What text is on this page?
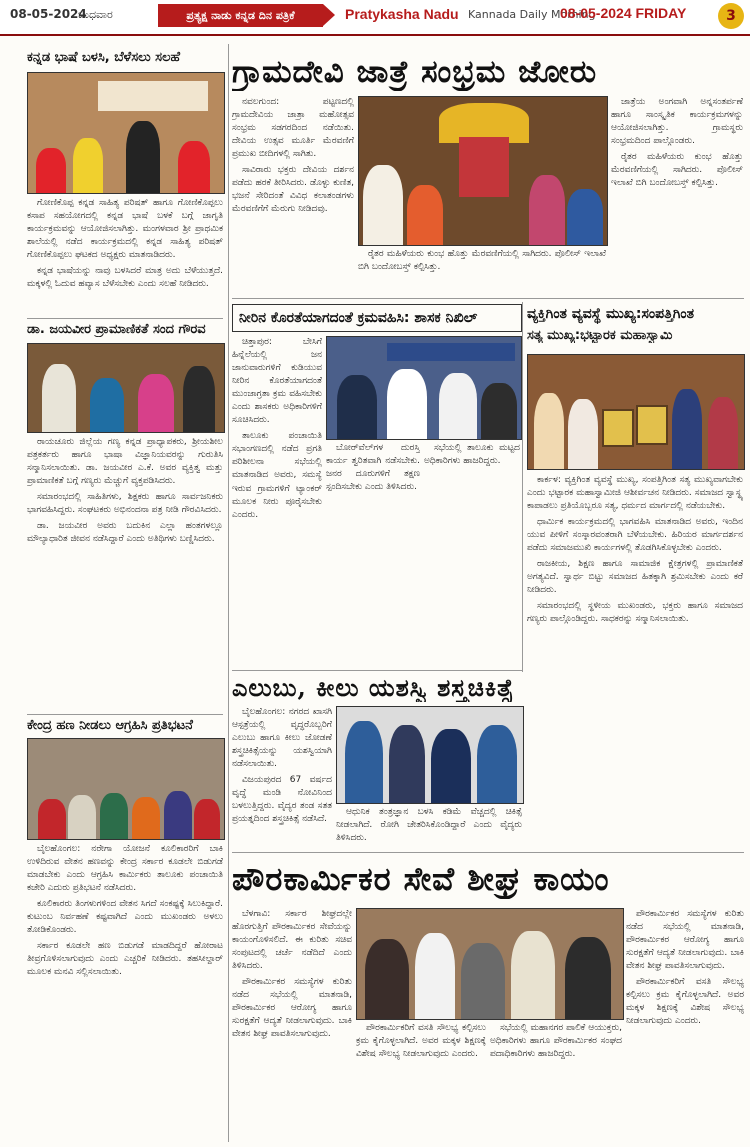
08-05-2024
ಬುಧವಾರ	ಪ್ರತ್ಯಕ್ಷ ನಾಡು ಕನ್ನಡ ದಿನ ಪತ್ರಿಕೆ	Pratykasha Nadu Kannada Daily Morning
08-05-2024 FRIDAY	3
ಕನ್ನಡ ಭಾಷೆ ಬಳಸಿ, ಬೆಳೆಸಲು ಸಲಹೆ

ಗೋಣಿಕೊಪ್ಪ ಕನ್ನಡ ಸಾಹಿತ್ಯ ಪರಿಷತ್ ಹಾಗೂ ಗೋಣಿಕೊಪ್ಪಲು ಕಸಾಪ ಸಹಯೋಗದಲ್ಲಿ ಕನ್ನಡ ಭಾಷೆ ಬಳಕೆ ಬಗ್ಗೆ ಜಾಗೃತಿ ಕಾರ್ಯಕ್ರಮವನ್ನು ಆಯೋಜಿಸಲಾಗಿತ್ತು. ಮಂಗಳವಾರ ಶ್ರೀ ಪ್ರಾಥಮಿಕ ಶಾಲೆಯಲ್ಲಿ ನಡೆದ ಕಾರ್ಯಕ್ರಮದಲ್ಲಿ ಕನ್ನಡ ಸಾಹಿತ್ಯ ಪರಿಷತ್ ಗೋಣಿಕೊಪ್ಪಲು ಘಟಕದ ಅಧ್ಯಕ್ಷರು ಮಾತನಾಡಿದರು.

ಕನ್ನಡ ಭಾಷೆಯನ್ನು ನಾವು ಬಳಸಿದರೆ ಮಾತ್ರ ಅದು ಬೆಳೆಯುತ್ತದೆ. ಮಕ್ಕಳಲ್ಲಿ ಓದುವ ಹವ್ಯಾಸ ಬೆಳೆಸಬೇಕು ಎಂದು ಸಲಹೆ ನೀಡಿದರು.

ಡಾ. ಜಯವೀರ ಪ್ರಾಮಾಣಿಕತೆ ಸಂದ ಗೌರವ

ರಾಯಚೂರು ಜಿಲ್ಲೆಯ ಗಣ್ಯ ಕನ್ನಡ ಪ್ರಾಧ್ಯಾಪಕರು, ಶ್ರೀಯಶೀಲ ಪತ್ರಕರ್ತರು ಹಾಗೂ ಭಾಷಾ ವಿಜ್ಞಾನಿಯವರನ್ನು ಗುರುತಿಸಿ ಸನ್ಮಾನಿಸಲಾಯಿತು. ಡಾ. ಜಯವೀರ ಎ.ಕೆ. ಅವರ ವ್ಯಕ್ತಿತ್ವ ಮತ್ತು ಪ್ರಾಮಾಣಿಕತೆ ಬಗ್ಗೆ ಗಣ್ಯರು ಮೆಚ್ಚುಗೆ ವ್ಯಕ್ತಪಡಿಸಿದರು.

ಸಮಾರಂಭದಲ್ಲಿ ಸಾಹಿತಿಗಳು, ಶಿಕ್ಷಕರು ಹಾಗೂ ಸಾರ್ವಜನಿಕರು ಭಾಗವಹಿಸಿದ್ದರು. ಸಂಘಟಕರು ಅಭಿನಂದನಾ ಪತ್ರ ನೀಡಿ ಗೌರವಿಸಿದರು.

ಡಾ. ಜಯವೀರ ಅವರು ಬದುಕಿನ ಎಲ್ಲಾ ಹಂತಗಳಲ್ಲೂ ಮೌಲ್ಯಾಧಾರಿತ ಜೀವನ ನಡೆಸಿದ್ದಾರೆ ಎಂದು ಅತಿಥಿಗಳು ಬಣ್ಣಿಸಿದರು.

ಕೇಂದ್ರ ಹಣ ನೀಡಲು ಆಗ್ರಹಿಸಿ ಪ್ರತಿಭಟನೆ

ಬೈಲಹೊಂಗಲ: ನರೇಗಾ ಯೋಜನೆ ಕೂಲಿಕಾರರಿಗೆ ಬಾಕಿ ಉಳಿದಿರುವ ವೇತನ ಹಣವನ್ನು ಕೇಂದ್ರ ಸರ್ಕಾರ ಕೂಡಲೇ ಬಿಡುಗಡೆ ಮಾಡಬೇಕು ಎಂದು ಆಗ್ರಹಿಸಿ ಕಾರ್ಮಿಕರು ತಾಲೂಕು ಪಂಚಾಯಿತಿ ಕಚೇರಿ ಎದುರು ಪ್ರತಿಭಟನೆ ನಡೆಸಿದರು.

ಕೂಲಿಕಾರರು ತಿಂಗಳುಗಳಿಂದ ವೇತನ ಸಿಗದೆ ಸಂಕಷ್ಟಕ್ಕೆ ಸಿಲುಕಿದ್ದಾರೆ. ಕುಟುಂಬ ನಿರ್ವಹಣೆ ಕಷ್ಟವಾಗಿದೆ ಎಂದು ಮುಖಂಡರು ಅಳಲು ತೋಡಿಕೊಂಡರು.

ಸರ್ಕಾರ ಕೂಡಲೇ ಹಣ ಬಿಡುಗಡೆ ಮಾಡದಿದ್ದರೆ ಹೋರಾಟ ತೀವ್ರಗೊಳಿಸಲಾಗುವುದು ಎಂದು ಎಚ್ಚರಿಕೆ ನೀಡಿದರು. ತಹಸೀಲ್ದಾರ್ ಮೂಲಕ ಮನವಿ ಸಲ್ಲಿಸಲಾಯಿತು.

ಗ್ರಾಮದೇವಿ ಜಾತ್ರೆ ಸಂಭ್ರಮ ಜೋರು

ನವಲಗುಂದ: ಪಟ್ಟಣದಲ್ಲಿ ಗ್ರಾಮದೇವಿಯ ಜಾತ್ರಾ ಮಹೋತ್ಸವ ಸಂಭ್ರಮ ಸಡಗರದಿಂದ ನಡೆಯಿತು. ದೇವಿಯ ಉತ್ಸವ ಮೂರ್ತಿ ಮೆರವಣಿಗೆ ಪ್ರಮುಖ ಬೀದಿಗಳಲ್ಲಿ ಸಾಗಿತು.

ಸಾವಿರಾರು ಭಕ್ತರು ದೇವಿಯ ದರ್ಶನ ಪಡೆದು ಹರಕೆ ತೀರಿಸಿದರು. ಡೊಳ್ಳು ಕುಣಿತ, ಭಜನೆ ಸೇರಿದಂತೆ ವಿವಿಧ ಕಲಾತಂಡಗಳು ಮೆರವಣಿಗೆಗೆ ಮೆರುಗು ನೀಡಿದವು.

ರೈತರ ಮಹಿಳೆಯರು ಕುಂಭ ಹೊತ್ತು ಮೆರವಣಿಗೆಯಲ್ಲಿ ಸಾಗಿದರು. ಪೊಲೀಸ್ ಇಲಾಖೆ ಬಿಗಿ ಬಂದೋಬಸ್ತ್ ಕಲ್ಪಿಸಿತ್ತು.

ಜಾತ್ರೆಯ ಅಂಗವಾಗಿ ಅನ್ನಸಂತರ್ಪಣೆ ಹಾಗೂ ಸಾಂಸ್ಕೃತಿಕ ಕಾರ್ಯಕ್ರಮಗಳನ್ನು ಆಯೋಜಿಸಲಾಗಿತ್ತು. ಗ್ರಾಮಸ್ಥರು ಸಂಭ್ರಮದಿಂದ ಪಾಲ್ಗೊಂಡರು.

ರೈತರ ಮಹಿಳೆಯರು ಕುಂಭ ಹೊತ್ತು ಮೆರವಣಿಗೆಯಲ್ಲಿ ಸಾಗಿದರು. ಪೊಲೀಸ್ ಇಲಾಖೆ ಬಿಗಿ ಬಂದೋಬಸ್ತ್ ಕಲ್ಪಿಸಿತ್ತು.

ನೀರಿನ ಕೊರತೆಯಾಗದಂತೆ ಕ್ರಮವಹಿಸಿ: ಶಾಸಕ ನಿಖಿಲ್

ಚಿತ್ತಾಪುರ: ಬೇಸಿಗೆ ಹಿನ್ನೆಲೆಯಲ್ಲಿ ಜನ ಜಾನುವಾರುಗಳಿಗೆ ಕುಡಿಯುವ ನೀರಿನ ಕೊರತೆಯಾಗದಂತೆ ಮುಂಜಾಗ್ರತಾ ಕ್ರಮ ವಹಿಸಬೇಕು ಎಂದು ಶಾಸಕರು ಅಧಿಕಾರಿಗಳಿಗೆ ಸೂಚಿಸಿದರು.

ತಾಲೂಕು ಪಂಚಾಯಿತಿ ಸಭಾಂಗಣದಲ್ಲಿ ನಡೆದ ಪ್ರಗತಿ ಪರಿಶೀಲನಾ ಸಭೆಯಲ್ಲಿ ಮಾತನಾಡಿದ ಅವರು, ಸಮಸ್ಯೆ ಇರುವ ಗ್ರಾಮಗಳಿಗೆ ಟ್ಯಾಂಕರ್ ಮೂಲಕ ನೀರು ಪೂರೈಸಬೇಕು ಎಂದರು.

ಬೋರ್‌ವೆಲ್‌ಗಳ ದುರಸ್ತಿ ಕಾರ್ಯ ತ್ವರಿತವಾಗಿ ನಡೆಸಬೇಕು. ಜನರ ದೂರುಗಳಿಗೆ ತಕ್ಷಣ ಸ್ಪಂದಿಸಬೇಕು ಎಂದು ತಿಳಿಸಿದರು.

ಸಭೆಯಲ್ಲಿ ತಾಲೂಕು ಮಟ್ಟದ ಅಧಿಕಾರಿಗಳು ಹಾಜರಿದ್ದರು.

ವ್ಯಕ್ತಿಗಿಂತ ವ್ಯವಸ್ಥೆ ಮುಖ್ಯ:ಸಂಪತ್ತಿಗಿಂತ
ಸತ್ಯ ಮುಖ್ಯ:ಭಟ್ಟಾರಕ ಮಹಾಸ್ವಾಮಿ

ಕಾರ್ಕಳ: ವ್ಯಕ್ತಿಗಿಂತ ವ್ಯವಸ್ಥೆ ಮುಖ್ಯ, ಸಂಪತ್ತಿಗಿಂತ ಸತ್ಯ ಮುಖ್ಯವಾಗಬೇಕು ಎಂದು ಭಟ್ಟಾರಕ ಮಹಾಸ್ವಾಮೀಜಿ ಆಶೀರ್ವಚನ ನೀಡಿದರು. ಸಮಾಜದ ಸ್ವಾಸ್ಥ್ಯ ಕಾಪಾಡಲು ಪ್ರತಿಯೊಬ್ಬರೂ ಸತ್ಯ, ಧರ್ಮದ ಮಾರ್ಗದಲ್ಲಿ ನಡೆಯಬೇಕು.

ಧಾರ್ಮಿಕ ಕಾರ್ಯಕ್ರಮದಲ್ಲಿ ಭಾಗವಹಿಸಿ ಮಾತನಾಡಿದ ಅವರು, ಇಂದಿನ ಯುವ ಪೀಳಿಗೆ ಸಂಸ್ಕಾರವಂತರಾಗಿ ಬೆಳೆಯಬೇಕು. ಹಿರಿಯರ ಮಾರ್ಗದರ್ಶನ ಪಡೆದು ಸಮಾಜಮುಖಿ ಕಾರ್ಯಗಳಲ್ಲಿ ತೊಡಗಿಸಿಕೊಳ್ಳಬೇಕು ಎಂದರು.

ರಾಜಕೀಯ, ಶಿಕ್ಷಣ ಹಾಗೂ ಸಾಮಾಜಿಕ ಕ್ಷೇತ್ರಗಳಲ್ಲಿ ಪ್ರಾಮಾಣಿಕತೆ ಅಗತ್ಯವಿದೆ. ಸ್ವಾರ್ಥ ಬಿಟ್ಟು ಸಮಾಜದ ಹಿತಕ್ಕಾಗಿ ಶ್ರಮಿಸಬೇಕು ಎಂದು ಕರೆ ನೀಡಿದರು.

ಸಮಾರಂಭದಲ್ಲಿ ಸ್ಥಳೀಯ ಮುಖಂಡರು, ಭಕ್ತರು ಹಾಗೂ ಸಮಾಜದ ಗಣ್ಯರು ಪಾಲ್ಗೊಂಡಿದ್ದರು. ಸಾಧಕರನ್ನು ಸನ್ಮಾನಿಸಲಾಯಿತು.

ಎಲುಬು, ಕೀಲು ಯಶಸ್ವಿ ಶಸ್ತ್ರಚಿಕಿತ್ಸೆ

ಬೈಲಹೊಂಗಲ: ನಗರದ ಖಾಸಗಿ ಆಸ್ಪತ್ರೆಯಲ್ಲಿ ವೃದ್ಧರೊಬ್ಬರಿಗೆ ಎಲುಬು ಹಾಗೂ ಕೀಲು ಜೋಡಣೆ ಶಸ್ತ್ರಚಿಕಿತ್ಸೆಯನ್ನು ಯಶಸ್ವಿಯಾಗಿ ನಡೆಸಲಾಯಿತು.

ವಿಜಯಪುರದ 67 ವರ್ಷದ ವೃದ್ಧೆ ಮಂಡಿ ನೋವಿನಿಂದ ಬಳಲುತ್ತಿದ್ದರು. ವೈದ್ಯರ ತಂಡ ಸತತ ಪ್ರಯತ್ನದಿಂದ ಶಸ್ತ್ರಚಿಕಿತ್ಸೆ ನಡೆಸಿದೆ.

ಆಧುನಿಕ ತಂತ್ರಜ್ಞಾನ ಬಳಸಿ ಕಡಿಮೆ ವೆಚ್ಚದಲ್ಲಿ ಚಿಕಿತ್ಸೆ ನೀಡಲಾಗಿದೆ. ರೋಗಿ ಚೇತರಿಸಿಕೊಂಡಿದ್ದಾರೆ ಎಂದು ವೈದ್ಯರು ತಿಳಿಸಿದರು.

ಪೌರಕಾರ್ಮಿಕರ ಸೇವೆ ಶೀಘ್ರ ಕಾಯಂ

ಬೆಳಗಾವಿ: ಸರ್ಕಾರ ಶೀಘ್ರದಲ್ಲೇ ಹೊರಗುತ್ತಿಗೆ ಪೌರಕಾರ್ಮಿಕರ ಸೇವೆಯನ್ನು ಕಾಯಂಗೊಳಿಸಲಿದೆ. ಈ ಕುರಿತು ಸಚಿವ ಸಂಪುಟದಲ್ಲಿ ಚರ್ಚೆ ನಡೆದಿದೆ ಎಂದು ತಿಳಿಸಿದರು.

ಪೌರಕಾರ್ಮಿಕರ ಸಮಸ್ಯೆಗಳ ಕುರಿತು ನಡೆದ ಸಭೆಯಲ್ಲಿ ಮಾತನಾಡಿ, ಪೌರಕಾರ್ಮಿಕರ ಆರೋಗ್ಯ ಹಾಗೂ ಸುರಕ್ಷತೆಗೆ ಆದ್ಯತೆ ನೀಡಲಾಗುವುದು. ಬಾಕಿ ವೇತನ ಶೀಘ್ರ ಪಾವತಿಸಲಾಗುವುದು.

ಪೌರಕಾರ್ಮಿಕರಿಗೆ ವಸತಿ ಸೌಲಭ್ಯ ಕಲ್ಪಿಸಲು ಕ್ರಮ ಕೈಗೊಳ್ಳಲಾಗಿದೆ. ಅವರ ಮಕ್ಕಳ ಶಿಕ್ಷಣಕ್ಕೆ ವಿಶೇಷ ಸೌಲಭ್ಯ ನೀಡಲಾಗುವುದು ಎಂದರು.

ಸಭೆಯಲ್ಲಿ ಮಹಾನಗರ ಪಾಲಿಕೆ ಆಯುಕ್ತರು, ಅಧಿಕಾರಿಗಳು ಹಾಗೂ ಪೌರಕಾರ್ಮಿಕರ ಸಂಘದ ಪದಾಧಿಕಾರಿಗಳು ಹಾಜರಿದ್ದರು.

ಪೌರಕಾರ್ಮಿಕರ ಸಮಸ್ಯೆಗಳ ಕುರಿತು ನಡೆದ ಸಭೆಯಲ್ಲಿ ಮಾತನಾಡಿ, ಪೌರಕಾರ್ಮಿಕರ ಆರೋಗ್ಯ ಹಾಗೂ ಸುರಕ್ಷತೆಗೆ ಆದ್ಯತೆ ನೀಡಲಾಗುವುದು. ಬಾಕಿ ವೇತನ ಶೀಘ್ರ ಪಾವತಿಸಲಾಗುವುದು.

ಪೌರಕಾರ್ಮಿಕರಿಗೆ ವಸತಿ ಸೌಲಭ್ಯ ಕಲ್ಪಿಸಲು ಕ್ರಮ ಕೈಗೊಳ್ಳಲಾಗಿದೆ. ಅವರ ಮಕ್ಕಳ ಶಿಕ್ಷಣಕ್ಕೆ ವಿಶೇಷ ಸೌಲಭ್ಯ ನೀಡಲಾಗುವುದು ಎಂದರು.
